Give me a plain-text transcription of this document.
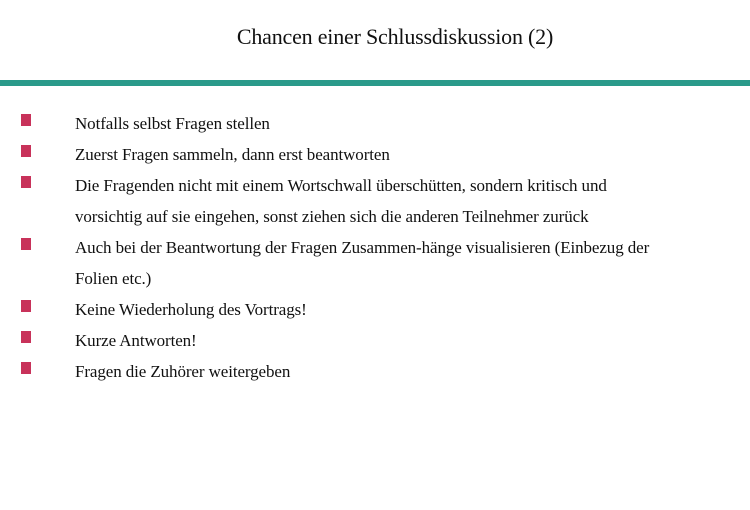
Chancen einer Schlussdiskussion (2)
Notfalls selbst Fragen stellen
Zuerst Fragen sammeln, dann erst beantworten
Die Fragenden nicht mit einem Wortschwall überschütten, sondern kritisch und vorsichtig auf sie eingehen, sonst ziehen sich die anderen Teilnehmer zurück
Auch bei der Beantwortung der Fragen Zusammen-hänge visualisieren (Einbezug der Folien etc.)
Keine Wiederholung des Vortrags!
Kurze Antworten!
Fragen die Zuhörer weitergeben
